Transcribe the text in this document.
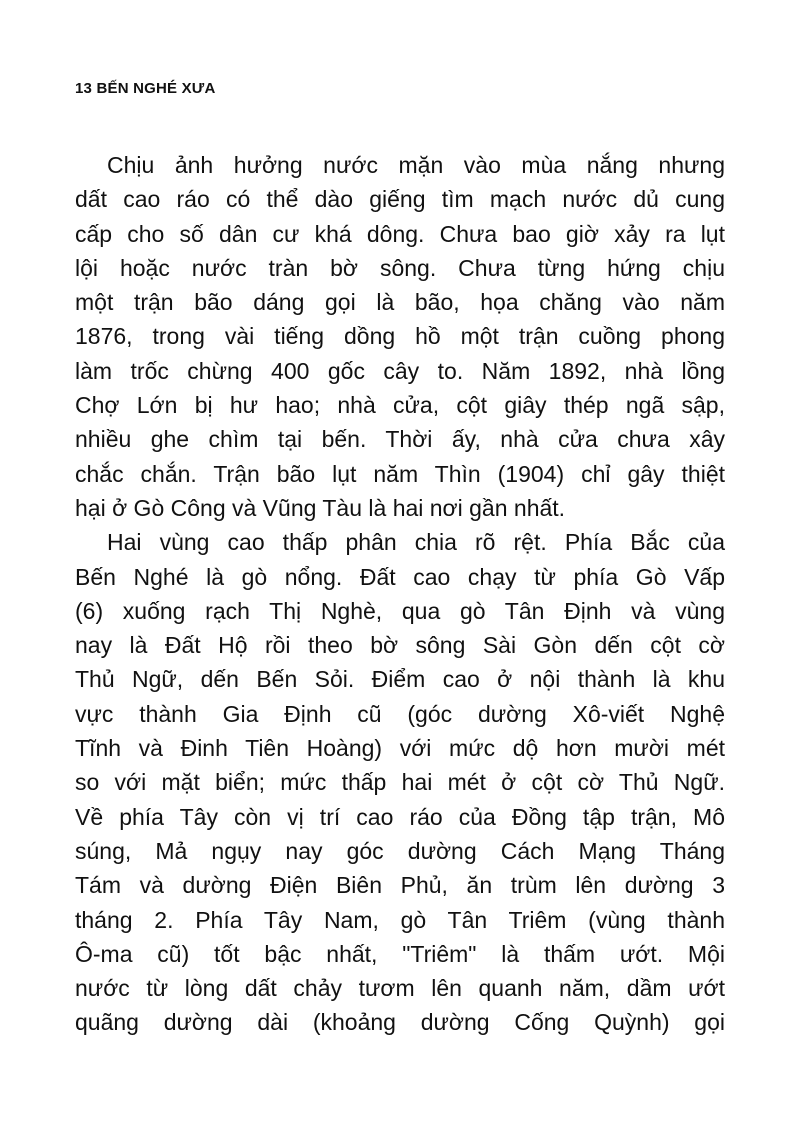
13 BẾN NGHÉ XƯA
Chịu ảnh hưởng nước mặn vào mùa nắng nhưng
dất cao ráo có thể dào giếng tìm mạch nước dủ cung
cấp cho số dân cư khá dông. Chưa bao giờ xảy ra lụt
lội hoặc nước tràn bờ sông. Chưa từng hứng chịu
một trận bão dáng gọi là bão, họa chăng vào năm
1876, trong vài tiếng dồng hồ một trận cuồng phong
làm trốc chừng 400 gốc cây to. Năm 1892, nhà lồng
Chợ Lớn bị hư hao; nhà cửa, cột giây thép ngã sập,
nhiều ghe chìm tại bến. Thời ấy, nhà cửa chưa xây
chắc chắn. Trận bão lụt năm Thìn (1904) chỉ gây thiệt
hại ở Gò Công và Vũng Tàu là hai nơi gần nhất.
Hai vùng cao thấp phân chia rõ rệt. Phía Bắc của
Bến Nghé là gò nổng. Đất cao chạy từ phía Gò Vấp
(6) xuống rạch Thị Nghè, qua gò Tân Định và vùng
nay là Đất Hộ rồi theo bờ sông Sài Gòn dến cột cờ
Thủ Ngữ, dến Bến Sỏi. Điểm cao ở nội thành là khu
vực thành Gia Định cũ (góc dường Xô-viết Nghệ
Tĩnh và Đinh Tiên Hoàng) với mức dộ hơn mười mét
so với mặt biển; mức thấp hai mét ở cột cờ Thủ Ngữ.
Về phía Tây còn vị trí cao ráo của Đồng tập trận, Mô
súng, Mả ngụy nay góc dường Cách Mạng Tháng
Tám và dường Điện Biên Phủ, ăn trùm lên dường 3
tháng 2. Phía Tây Nam, gò Tân Triêm (vùng thành
Ô-ma cũ) tốt bậc nhất, "Triêm" là thấm ướt. Mội
nước từ lòng dất chảy tươm lên quanh năm, dầm ướt
quãng dường dài (khoảng dường Cống Quỳnh) gọi
